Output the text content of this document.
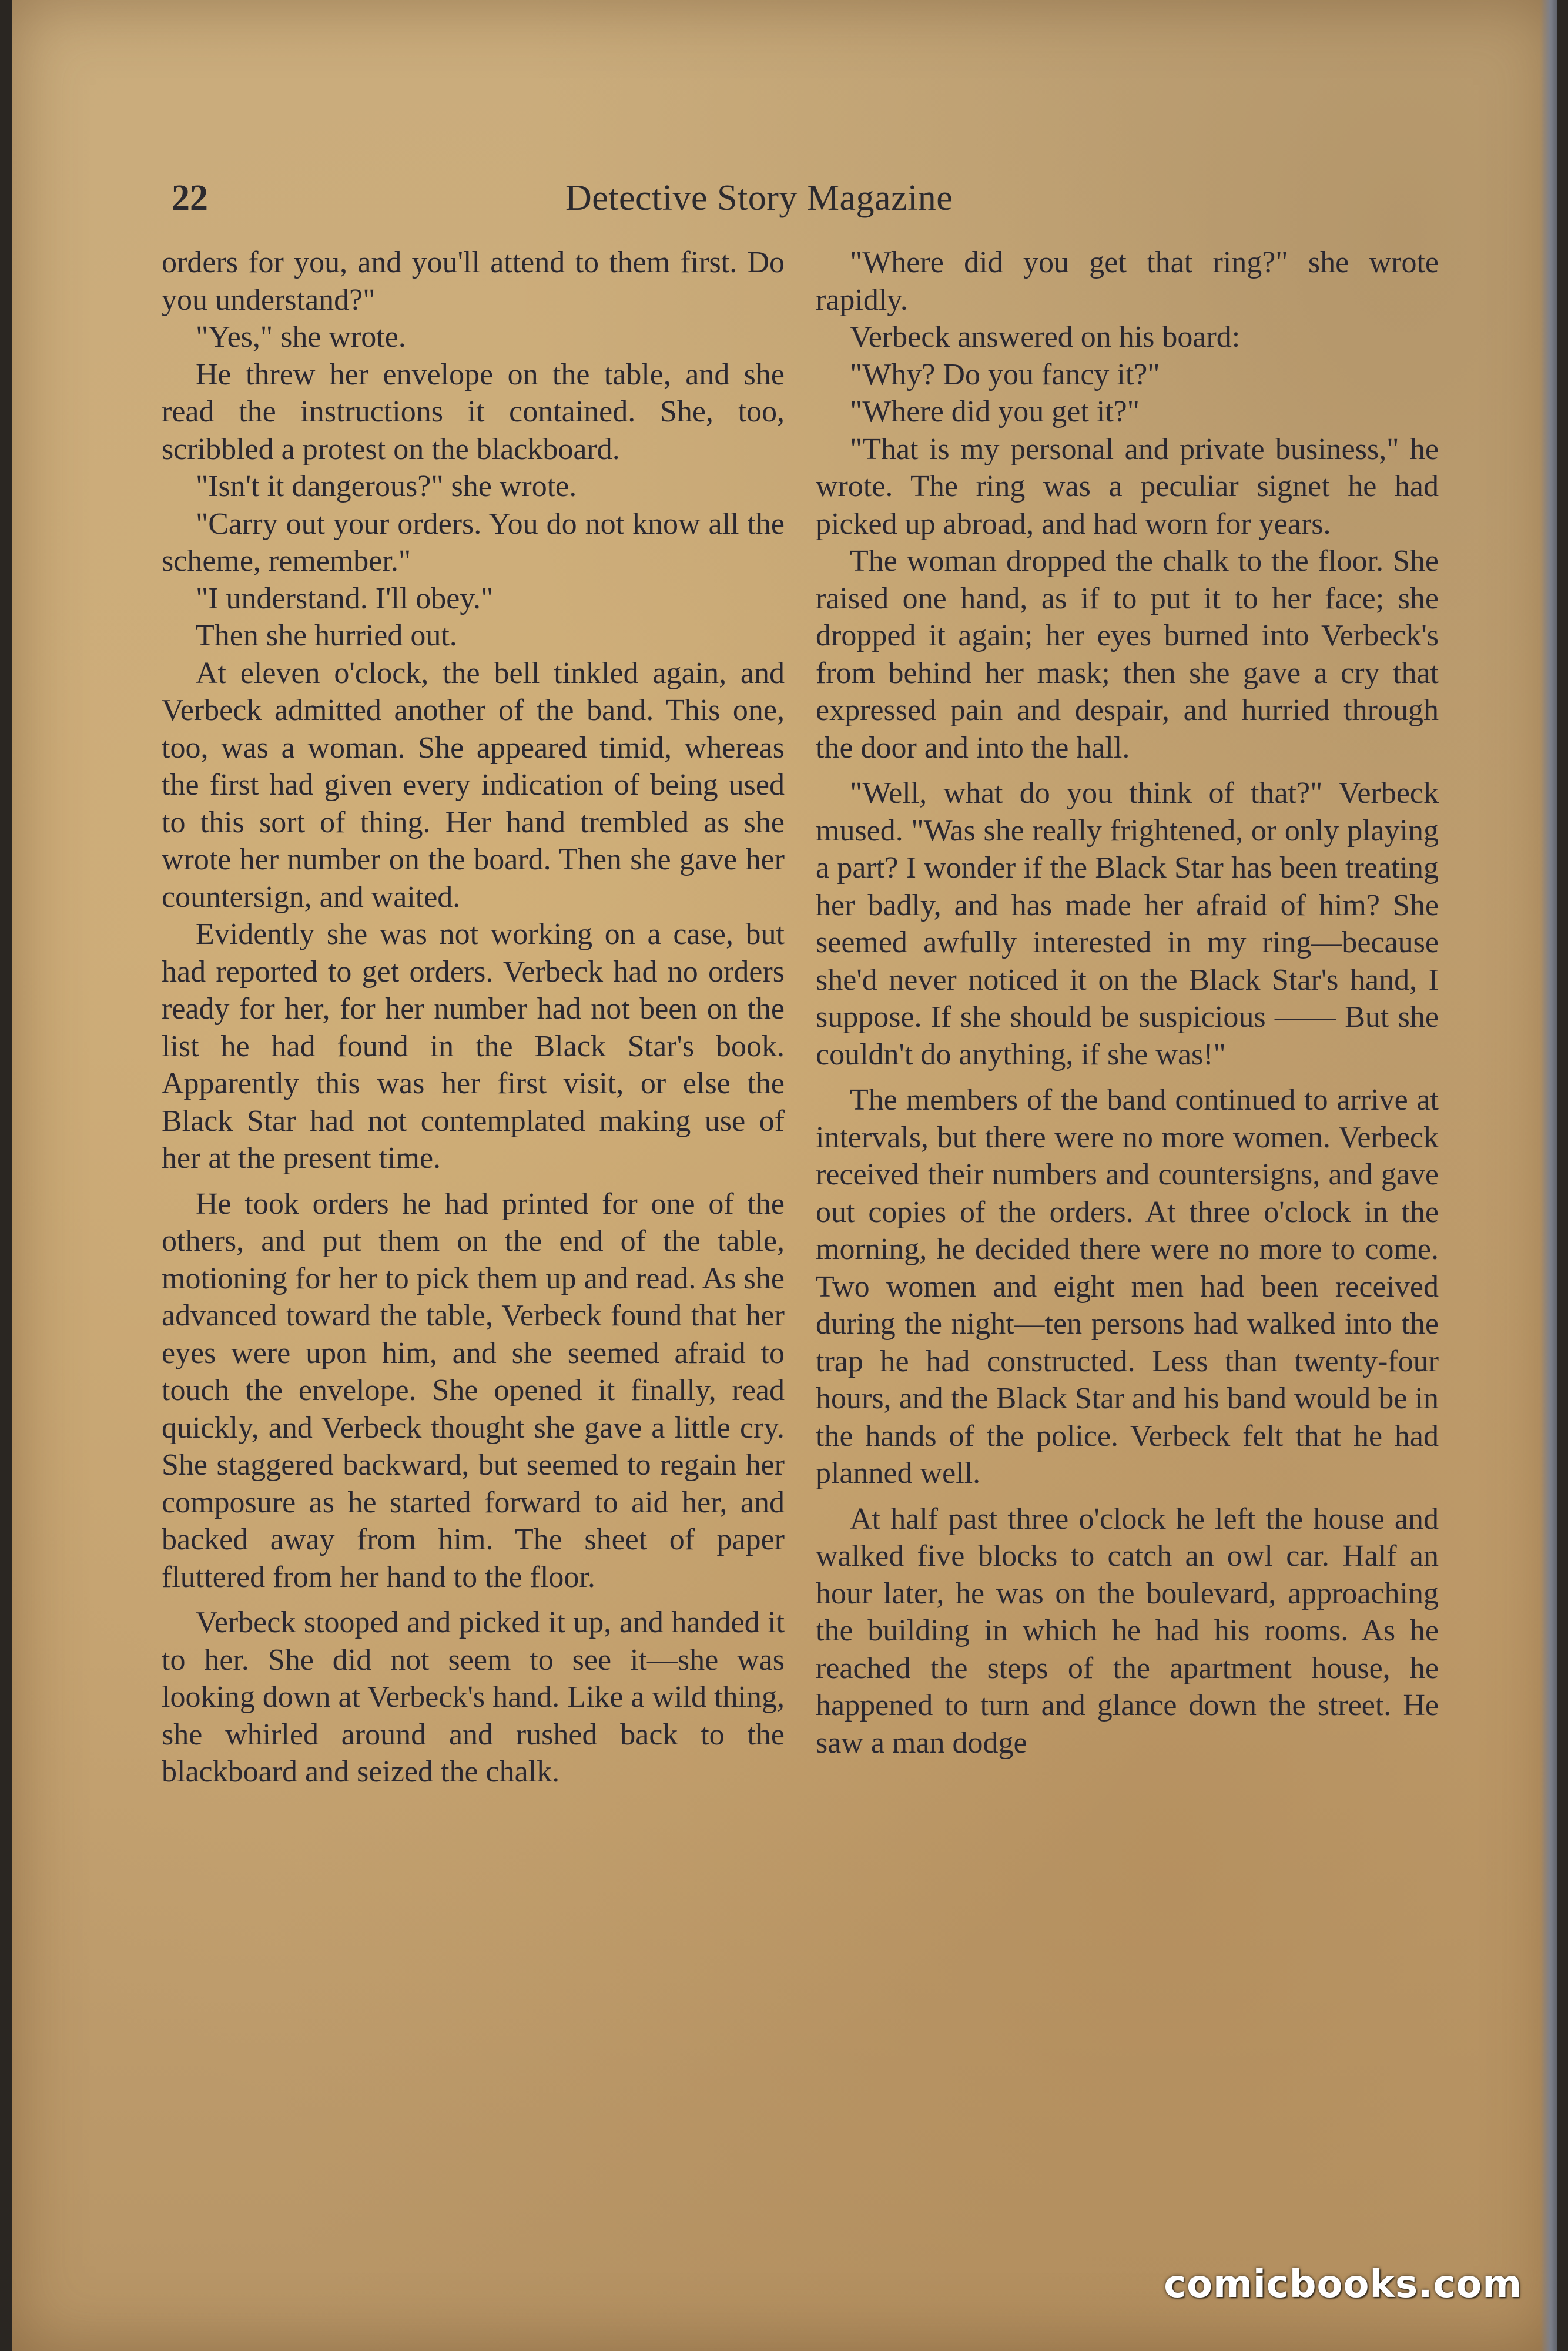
22	Detective Story Magazine

orders for you, and you'll attend to them first. Do you understand?"

"Yes," she wrote.

He threw her envelope on the table, and she read the instructions it contained. She, too, scribbled a protest on the blackboard.

"Isn't it dangerous?" she wrote.

"Carry out your orders. You do not know all the scheme, remember."

"I understand. I'll obey."

Then she hurried out.

At eleven o'clock, the bell tinkled again, and Verbeck admitted another of the band. This one, too, was a woman. She appeared timid, whereas the first had given every indication of being used to this sort of thing. Her hand trembled as she wrote her number on the board. Then she gave her countersign, and waited.

Evidently she was not working on a case, but had reported to get orders. Verbeck had no orders ready for her, for her number had not been on the list he had found in the Black Star's book. Apparently this was her first visit, or else the Black Star had not contemplated making use of her at the present time.

He took orders he had printed for one of the others, and put them on the end of the table, motioning for her to pick them up and read. As she advanced toward the table, Verbeck found that her eyes were upon him, and she seemed afraid to touch the envelope. She opened it finally, read quickly, and Verbeck thought she gave a little cry. She staggered backward, but seemed to regain her composure as he started forward to aid her, and backed away from him. The sheet of paper fluttered from her hand to the floor.

Verbeck stooped and picked it up, and handed it to her. She did not seem to see it—she was looking down at Verbeck's hand. Like a wild thing, she whirled around and rushed back to the blackboard and seized the chalk.

"Where did you get that ring?" she wrote rapidly.

Verbeck answered on his board:

"Why? Do you fancy it?"

"Where did you get it?"

"That is my personal and private business," he wrote. The ring was a peculiar signet he had picked up abroad, and had worn for years.

The woman dropped the chalk to the floor. She raised one hand, as if to put it to her face; she dropped it again; her eyes burned into Verbeck's from behind her mask; then she gave a cry that expressed pain and despair, and hurried through the door and into the hall.

"Well, what do you think of that?" Verbeck mused. "Was she really frightened, or only playing a part? I wonder if the Black Star has been treating her badly, and has made her afraid of him? She seemed awfully interested in my ring—because she'd never noticed it on the Black Star's hand, I suppose. If she should be suspicious —— But she couldn't do anything, if she was!"

The members of the band continued to arrive at intervals, but there were no more women. Verbeck received their numbers and countersigns, and gave out copies of the orders. At three o'clock in the morning, he decided there were no more to come. Two women and eight men had been received during the night—ten persons had walked into the trap he had constructed. Less than twenty-four hours, and the Black Star and his band would be in the hands of the police. Verbeck felt that he had planned well.

At half past three o'clock he left the house and walked five blocks to catch an owl car. Half an hour later, he was on the boulevard, approaching the building in which he had his rooms. As he reached the steps of the apartment house, he happened to turn and glance down the street. He saw a man dodge

comicbooks.com
